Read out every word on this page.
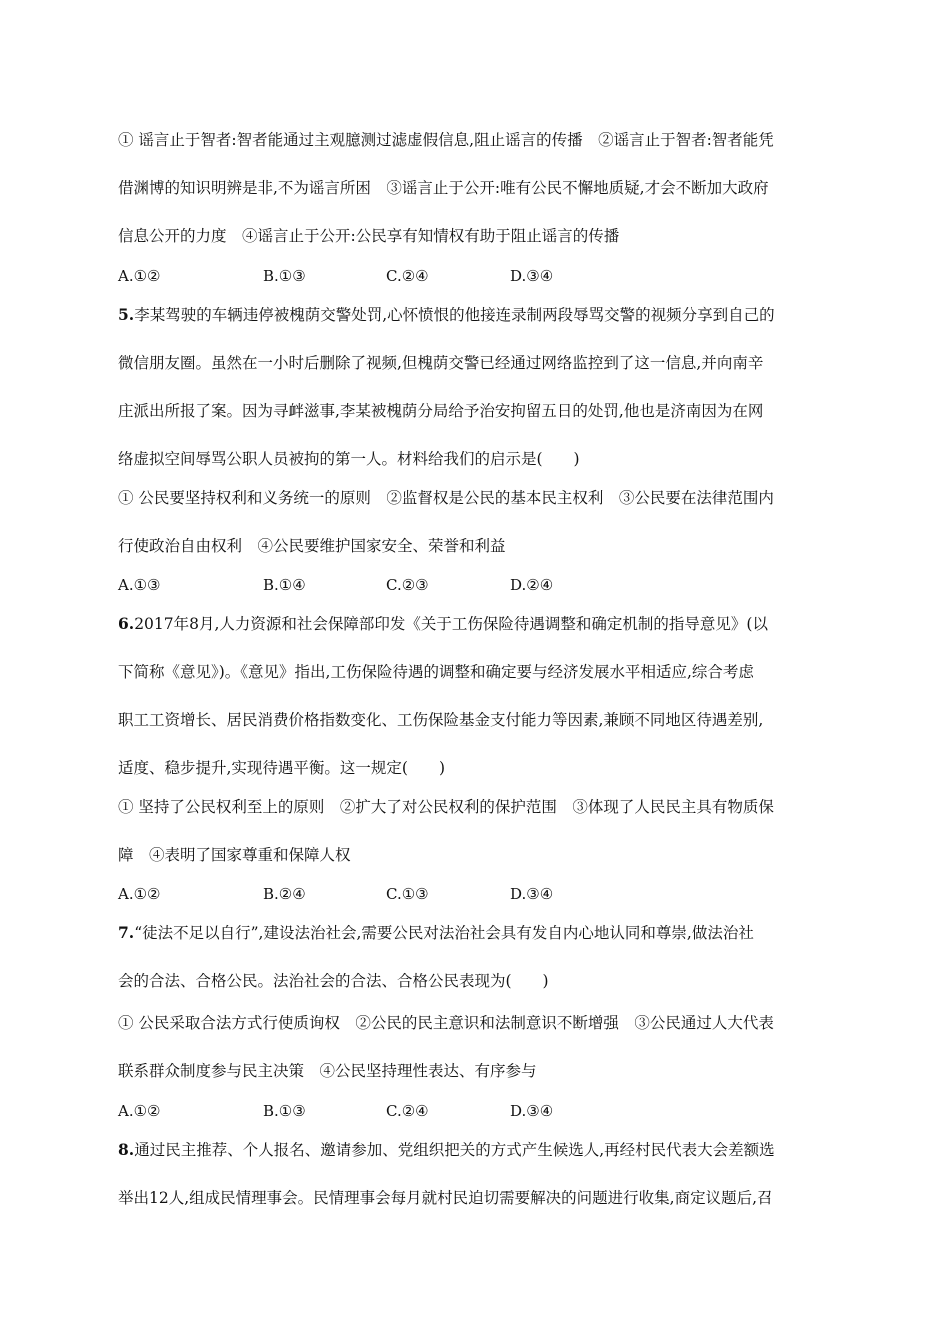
① 谣言止于智者:智者能通过主观臆测过滤虚假信息,阻止谣言的传播　②谣言止于智者:智者能凭
借渊博的知识明辨是非,不为谣言所困　③谣言止于公开:唯有公民不懈地质疑,才会不断加大政府
信息公开的力度　④谣言止于公开:公民享有知情权有助于阻止谣言的传播
A.①②	B.①③	C.②④	D.③④
5.李某驾驶的车辆违停被槐荫交警处罚,心怀愤恨的他接连录制两段辱骂交警的视频分享到自己的
微信朋友圈。虽然在一小时后删除了视频,但槐荫交警已经通过网络监控到了这一信息,并向南辛
庄派出所报了案。因为寻衅滋事,李某被槐荫分局给予治安拘留五日的处罚,他也是济南因为在网
络虚拟空间辱骂公职人员被拘的第一人。材料给我们的启示是(　　)
① 公民要坚持权利和义务统一的原则　②监督权是公民的基本民主权利　③公民要在法律范围内
行使政治自由权利　④公民要维护国家安全、荣誉和利益
A.①③	B.①④	C.②③	D.②④
6.2017年8月,人力资源和社会保障部印发《关于工伤保险待遇调整和确定机制的指导意见》(以
下简称《意见》)。《意见》指出,工伤保险待遇的调整和确定要与经济发展水平相适应,综合考虑
职工工资增长、居民消费价格指数变化、工伤保险基金支付能力等因素,兼顾不同地区待遇差别,
适度、稳步提升,实现待遇平衡。这一规定(　　)
① 坚持了公民权利至上的原则　②扩大了对公民权利的保护范围　③体现了人民民主具有物质保
障　④表明了国家尊重和保障人权
A.①②	B.②④	C.①③	D.③④
7.“徒法不足以自行”,建设法治社会,需要公民对法治社会具有发自内心地认同和尊崇,做法治社
会的合法、合格公民。法治社会的合法、合格公民表现为(　　)
① 公民采取合法方式行使质询权　②公民的民主意识和法制意识不断增强　③公民通过人大代表
联系群众制度参与民主决策　④公民坚持理性表达、有序参与
A.①②	B.①③	C.②④	D.③④
8.通过民主推荐、个人报名、邀请参加、党组织把关的方式产生候选人,再经村民代表大会差额选
举出12人,组成民情理事会。民情理事会每月就村民迫切需要解决的问题进行收集,商定议题后,召
